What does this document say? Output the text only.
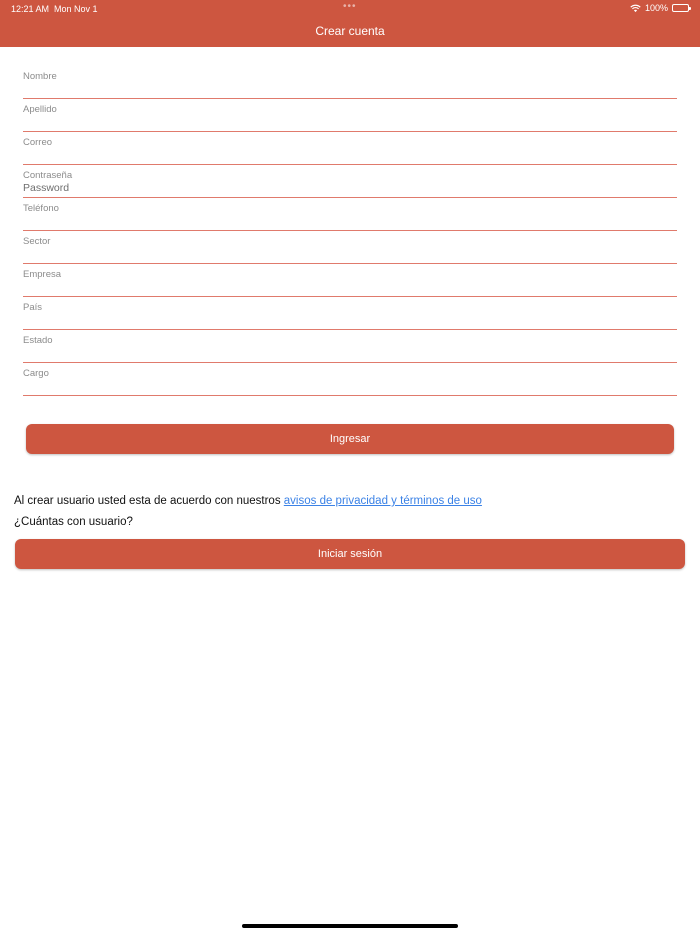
12:21 AM Mon Nov 1	•••	100%
Crear cuenta
Nombre
Apellido
Correo
Contraseña
Teléfono
Sector
Empresa
País
Estado
Cargo
Ingresar
Al crear usuario usted esta de acuerdo con nuestros avisos de privacidad y términos de uso
¿Cuántas con usuario?
Iniciar sesión
